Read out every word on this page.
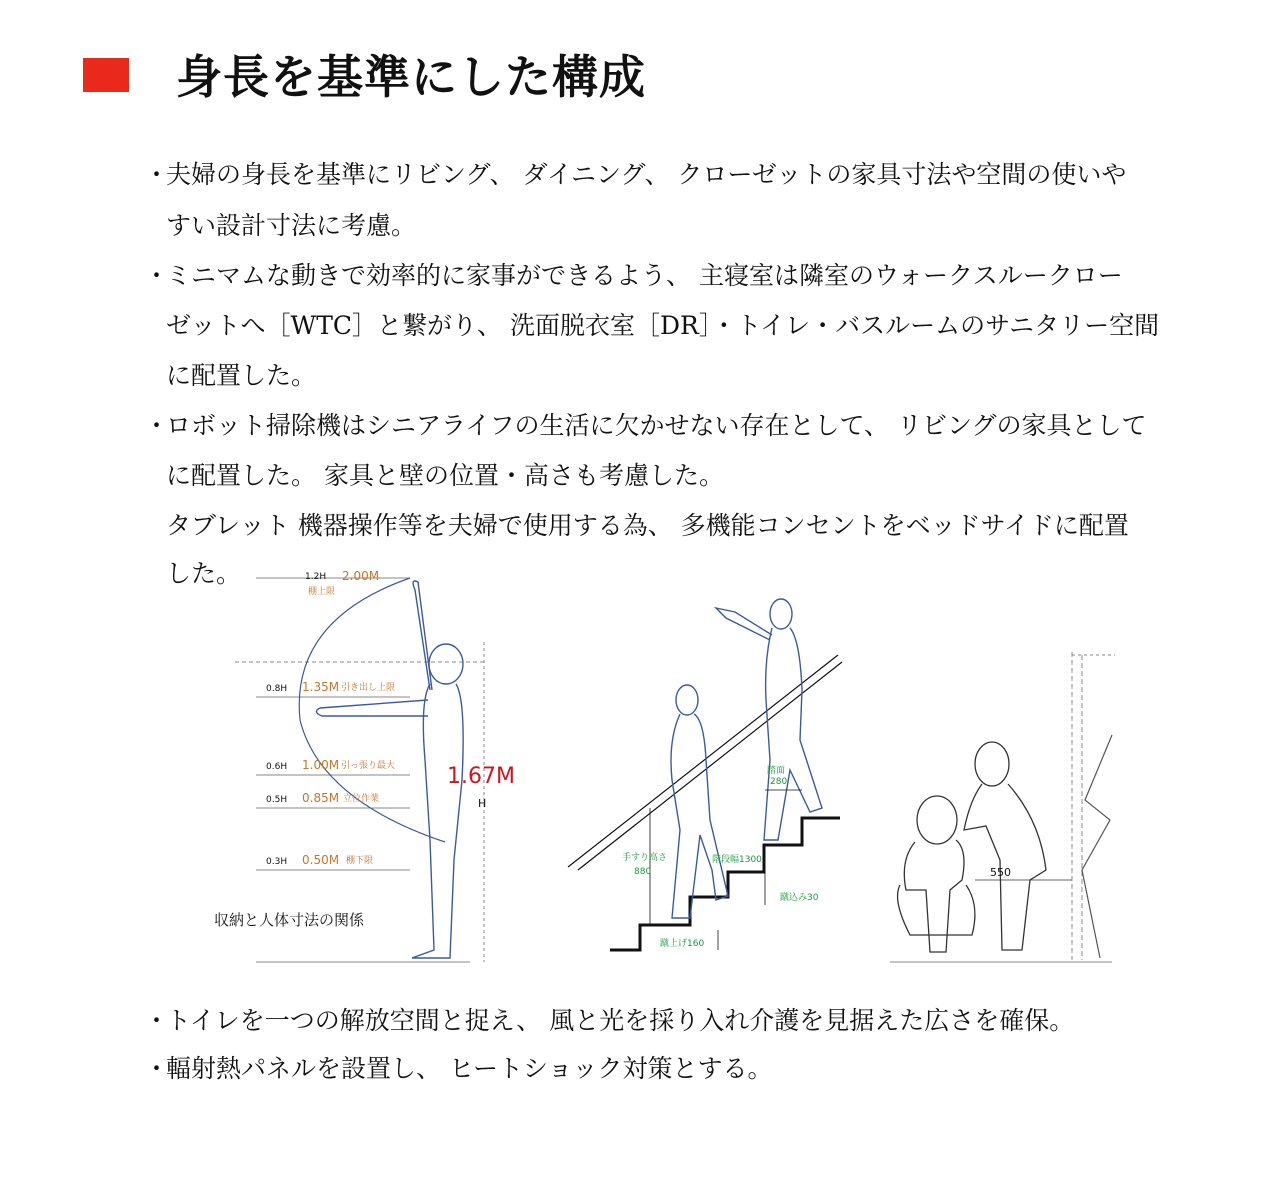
身長を基準にした構成
・
夫婦の身長を基準にリビング、 ダイニング、 クローゼットの家具寸法や空間の使いや
すい設計寸法に考慮。
・
ミニマムな動きで効率的に家事ができるよう、 主寝室は隣室のウォークスルークロー
ゼットへ［WTC］と繋がり、 洗面脱衣室［DR］・トイレ・バスルームのサニタリー空間
に配置した。
・
ロボット掃除機はシニアライフの生活に欠かせない存在として、 リビングの家具として
に配置した。 家具と壁の位置・高さも考慮した。
タブレット 機器操作等を夫婦で使用する為、 多機能コンセントをベッドサイドに配置
した。
・
トイレを一つの解放空間と捉え、 風と光を採り入れ介護を見据えた広さを確保。
・
輻射熱パネルを設置し、 ヒートショック対策とする。
1.2H 2.00M
棚上限
0.8H 1.35M 引き出し上限
0.6H 1.00M 引っ張り最大
0.5H 0.85M 立位作業
0.3H 0.50M 棚下限
1.67M
H
収納と人体寸法の関係
踏面
280
手すり高さ
880
階段幅1300
蹴込み30
蹴上げ160
550
